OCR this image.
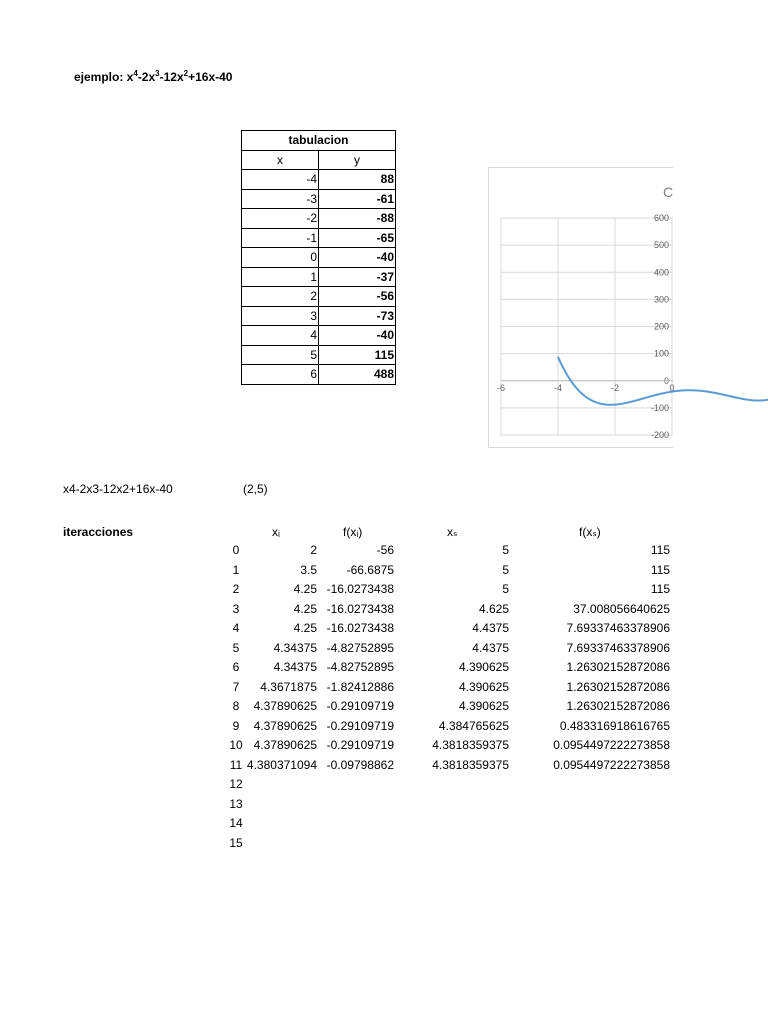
ejemplo: $x^4-2x^3-12x^2+16x-40$
tabulacion	
x	y
-4	88
-3	-61
-2	-88
-1	-65
0	-40
1	-37
2	-56
3	-73
4	-40
5	115
6	488
C
600
500
400
300
200
100
0
-100
-200
-6	-4	-2	0
x4-2x3-12x2+16x-40	(2,5)
iteracciones	xᵢ	f(xᵢ)	xₛ	f(xₛ)
0	2	-56	5	115
1	3.5	-66.6875	5	115
2	4.25 -16.0273438	5	115
3	4.25 -16.0273438	4.625	37.008056640625
4	4.25 -16.0273438	4.4375	7.69337463378906
5	4.34375 -4.82752895	4.4375	7.69337463378906
6	4.34375 -4.82752895	4.390625	1.26302152872086
7	4.3671875 -1.82412886	4.390625	1.26302152872086
8	4.37890625 -0.29109719	4.390625	1.26302152872086
9	4.37890625 -0.29109719	4.384765625	0.483316918616765
10 4.37890625 -0.29109719	4.3818359375	0.0954497222273858
11 4.380371094 -0.09798862	4.3818359375	0.0954497222273858
12
13
14
15
